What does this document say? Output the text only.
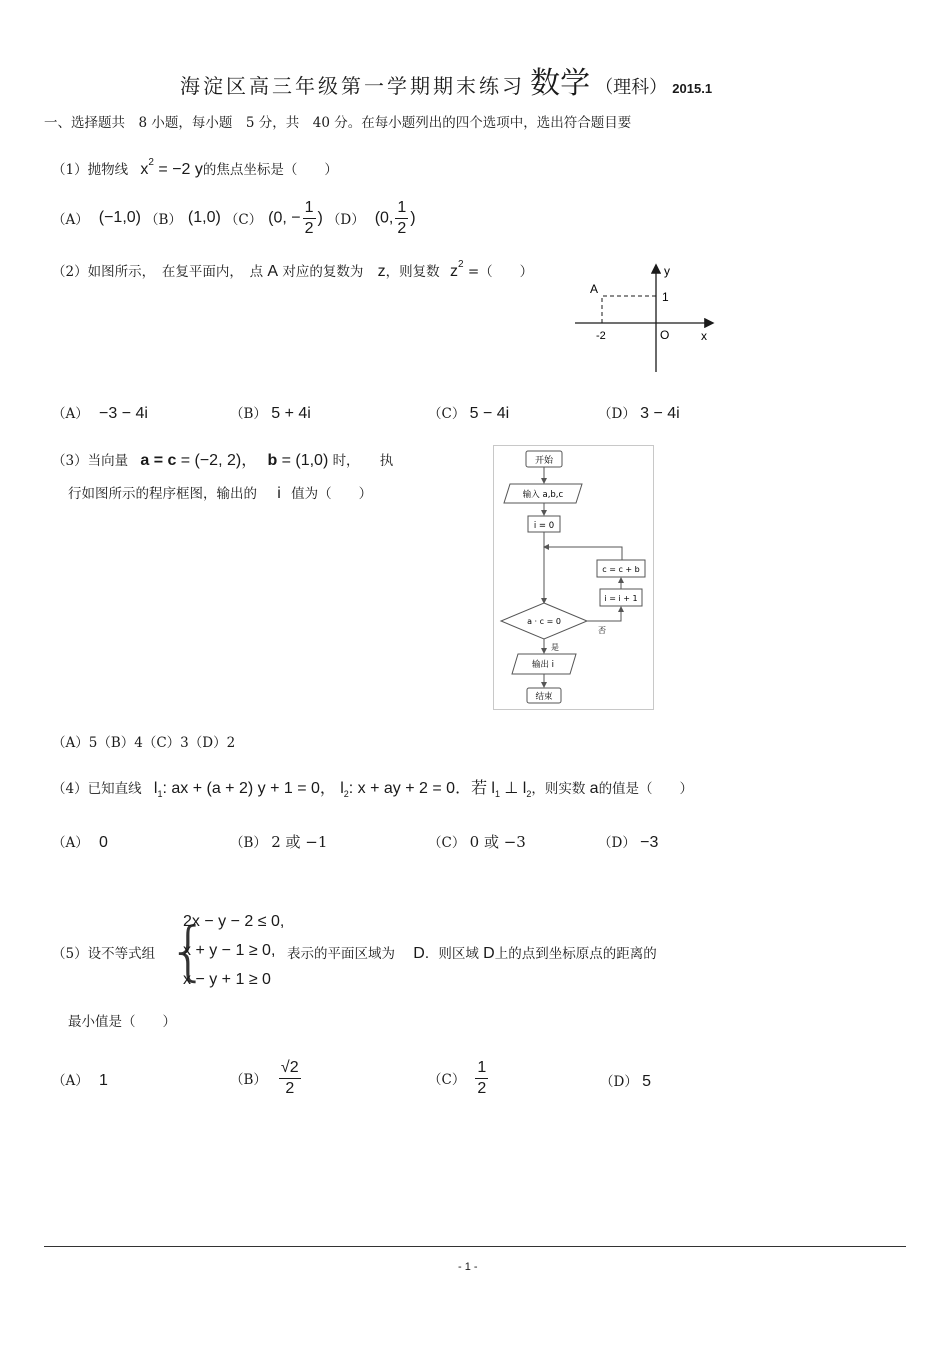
海淀区高三年级第一学期期末练习 数学 （理科） 2015.1
一、选择题共　8 小题，每小题　5 分，共　40 分。在每小题列出的四个选项中，选出符合题目要
（1）抛物线 $x^2 = -2$ y的焦点坐标是（　　）
（A） (−1,0) （B） (1,0) （C） (0, − $\frac{1}{2}$ ) （D） (0, $\frac{1}{2}$ )
（2）如图所示，　在复平面内，　点 A 对应的复数为 z，则复数 $z^2$ =（　　）	y
x
O
A
1
-2
（A） −3 − 4i	（B） 5 + 4i	（C） 5 − 4i	（D） 3 − 4i
（3）当向量 a = c = (−2, 2)， b = (1,0) 时，　　执
行如图所示的程序框图，输出的 i 值为（　　）
开始
输入 a,b,c
i = 0
c = c + b
i = i + 1
a · c = 0
否
是
输出 i
结束
（A）5（B）4（C）3（D）2
（4）已知直线 $l_1$: ax + (a + 2) y + 1 = 0， $l_2$: x + ay + 2 = 0．若 $l_1$ ⊥ $l_2$，则实数 a的值是（　　）
（A） 0	（B） 2 或 −1	（C） 0 或 −3	（D） −3
（5）设不等式组 {
2x − y − 2 ≤ 0,
x + y − 1 ≥ 0,
x − y + 1 ≥ 0
表示的平面区域为 D．则区域 D上的点到坐标原点的距离的
最小值是（　　）
（A） 1	$(B) \frac{√2}{2}$	$(C) \frac{1}{2}$	（D） 5
- 1 -
